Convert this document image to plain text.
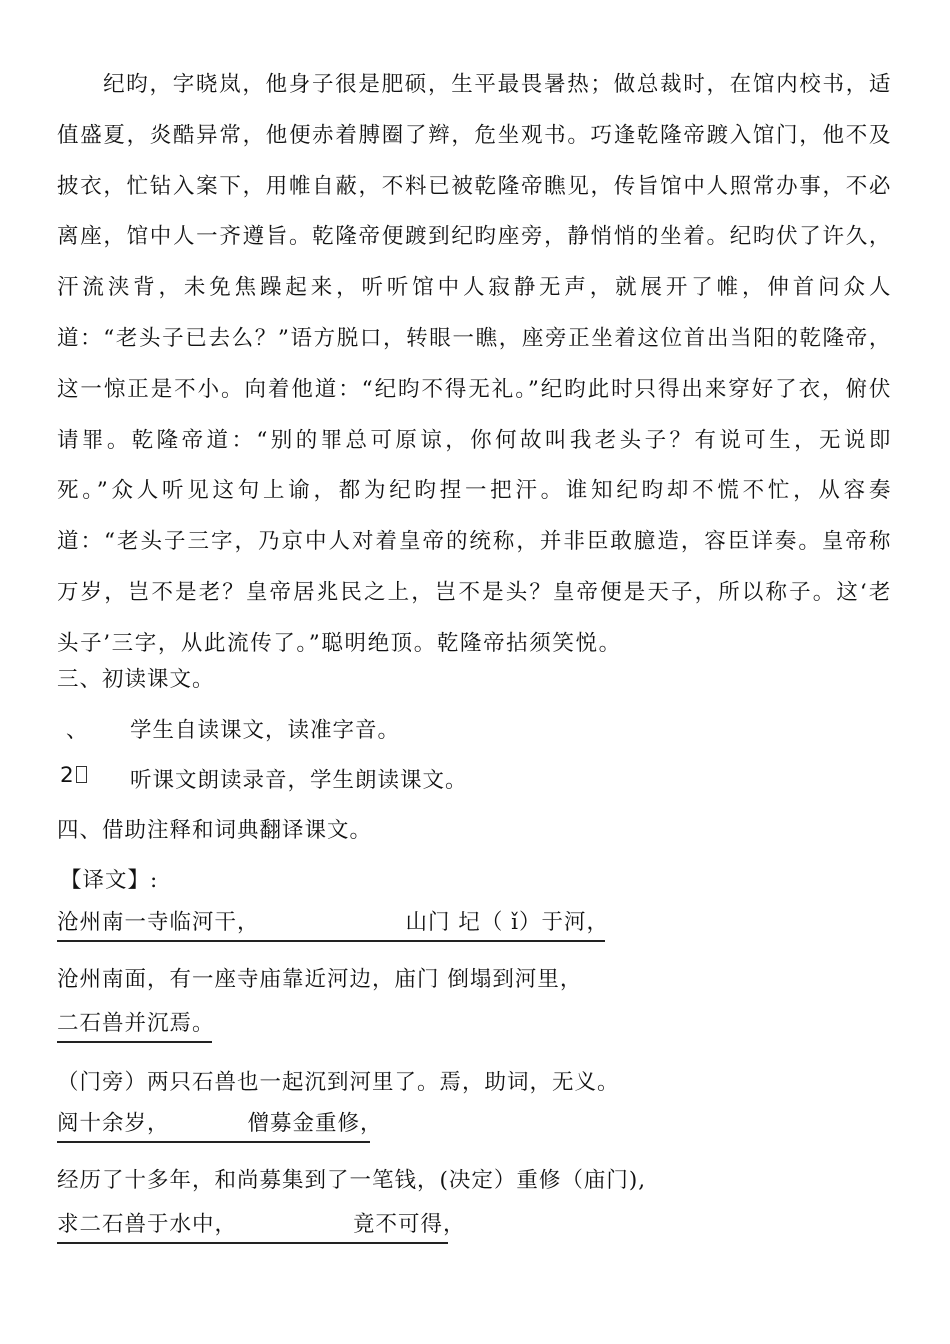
纪昀，字晓岚，他身子很是肥硕，生平最畏暑热；做总裁时，在馆内校书，适值盛夏，炎酷异常，他便赤着膊圈了辫，危坐观书。巧逢乾隆帝踱入馆门，他不及披衣，忙钻入案下，用帷自蔽，不料已被乾隆帝瞧见，传旨馆中人照常办事，不必离座，馆中人一齐遵旨。乾隆帝便踱到纪昀座旁，静悄悄的坐着。纪昀伏了许久，汗流浃背，未免焦躁起来，听听馆中人寂静无声，就展开了帷，伸首问众人道：“老头子已去么？”语方脱口，转眼一瞧，座旁正坐着这位首出当阳的乾隆帝，这一惊正是不小。向着他道：“纪昀不得无礼。”纪昀此时只得出来穿好了衣，俯伏请罪。乾隆帝道：“别的罪总可原谅，你何故叫我老头子？有说可生，无说即死。”众人听见这句上谕，都为纪昀捏一把汗。谁知纪昀却不慌不忙，从容奏道：“老头子三字，乃京中人对着皇帝的统称，并非臣敢臆造，容臣详奏。皇帝称万岁，岂不是老？皇帝居兆民之上，岂不是头？皇帝便是天子，所以称子。这‘老头子’三字，从此流传了。”聪明绝顶。乾隆帝拈须笑悦。

三、初读课文。
、 学生自读课文，读准字音。
2	听课文朗读录音，学生朗读课文。
四、借助注释和词典翻译课文。
【译文】:
沧州南一寺临河干，	山门 圮（ ǐ）于河，
沧州南面，有一座寺庙靠近河边，庙门 倒塌到河里，
二石兽并沉焉。
（门旁）两只石兽也一起沉到河里了。焉，助词，无义。
阅十余岁，	僧募金重修，
经历了十多年，和尚募集到了一笔钱，(决定）重修（庙门),
求二石兽于水中，	竟不可得，
